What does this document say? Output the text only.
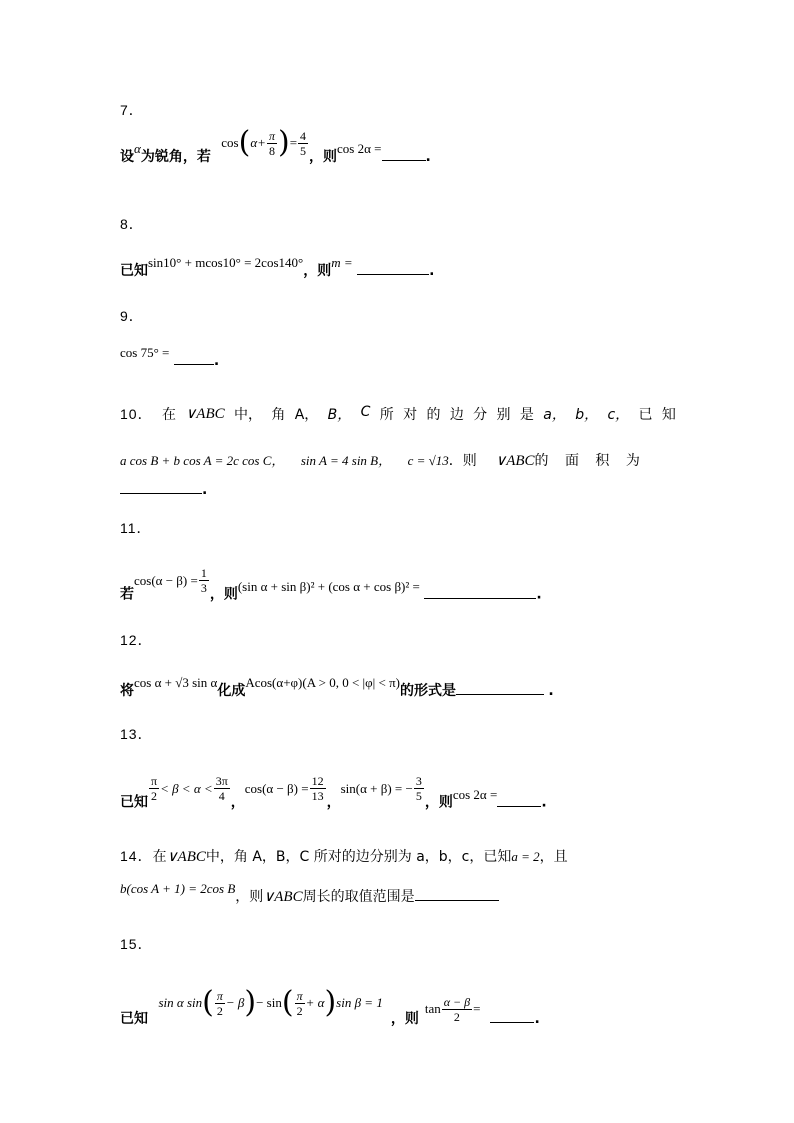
7．
设α为锐角，若 $\cos(\alpha+ \frac{\pi}{8}$ )= $\frac{4}{5}$ ，则cos 2α =.
8．
已知sin10° + mcos10° = 2cos140°，则m = .
9．
cos 75° = .
10． 在 ∨ABC 中， 角 A， B， C 所 对 的 边 分 别 是 a， b， c， 已 知
a cos B + b cos A = 2c cos C， sin A = 4 sin B， c = √13．则 ∨ABC的 面 积 为
.
11．
若$\cos(\alpha - \beta) = \frac{1}{3}$ ，则(sin α + sin β)² + (cos α + cos β)² = .
12．
将cos α + √3 sin α化成Acos(α+φ)(A > 0, 0 < |φ| < π)的形式是	.
13．
已知 $\frac{\pi}{2} < \beta < \alpha < \frac{3\pi}{4}$ ，$\cos(\alpha - \beta) = \frac{12}{13}$ ，sin(α + β) = − $\frac{3}{5}$ ，则cos 2α =.
14．在∨ABC中，角 A，B，C 所对的边分别为 a，b，c，已知a = 2，且
b(cos A + 1) = 2cos B，则∨ABC周长的取值范围是
15．
已知 sin α $\sin( \frac{\pi}{2} - \beta)- \sin( \frac{\pi}{2} + \alpha)\sin$ β = 1，则$\tan \frac{\alpha - \beta}{2}$ =.
